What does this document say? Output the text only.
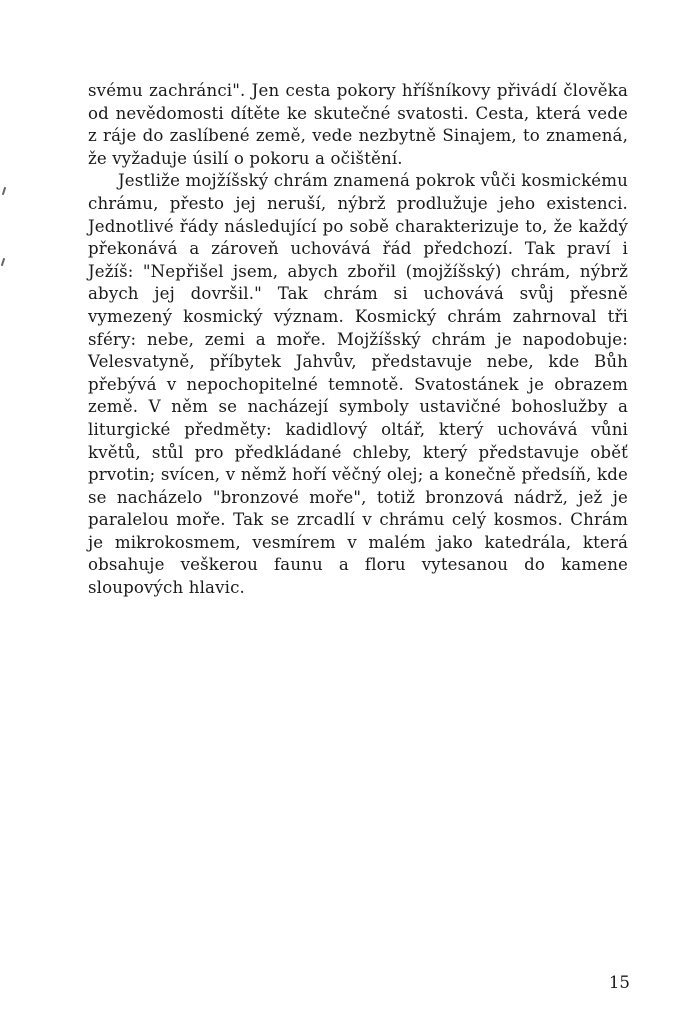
svému zachránci". Jen cesta pokory hříšníkovy přivádí člověka od nevědomosti dítěte ke skutečné svatosti. Cesta, která vede z ráje do zaslíbené země, vede nezbytně Sinajem, to znamená, že vyžaduje úsilí o pokoru a očištění.

Jestliže mojžíšský chrám znamená pokrok vůči kosmickému chrámu, přesto jej neruší, nýbrž prodlužuje jeho existenci. Jednotlivé řády následující po sobě charakterizuje to, že každý překonává a zároveň uchovává řád předchozí. Tak praví i Ježíš: "Nepřišel jsem, abych zbořil (mojžíšský) chrám, nýbrž abych jej dovršil." Tak chrám si uchovává svůj přesně vymezený kosmický význam. Kosmický chrám zahrnoval tři sféry: nebe, zemi a moře. Mojžíšský chrám je napodobuje: Velesvatyně, příbytek Jahvův, představuje nebe, kde Bůh přebývá v nepochopitelné temnotě. Svatostánek je obrazem země. V něm se nacházejí symboly ustavičné bohoslužby a liturgické předměty: kadidlový oltář, který uchovává vůni květů, stůl pro předkládané chleby, který představuje oběť prvotin; svícen, v němž hoří věčný olej; a konečně předsíň, kde se nacházelo "bronzové moře", totiž bronzová nádrž, jež je paralelou moře. Tak se zrcadlí v chrámu celý kosmos. Chrám je mikrokosmem, vesmírem v malém jako katedrála, která obsahuje veškerou faunu a floru vytesanou do kamene sloupových hlavic.

15
